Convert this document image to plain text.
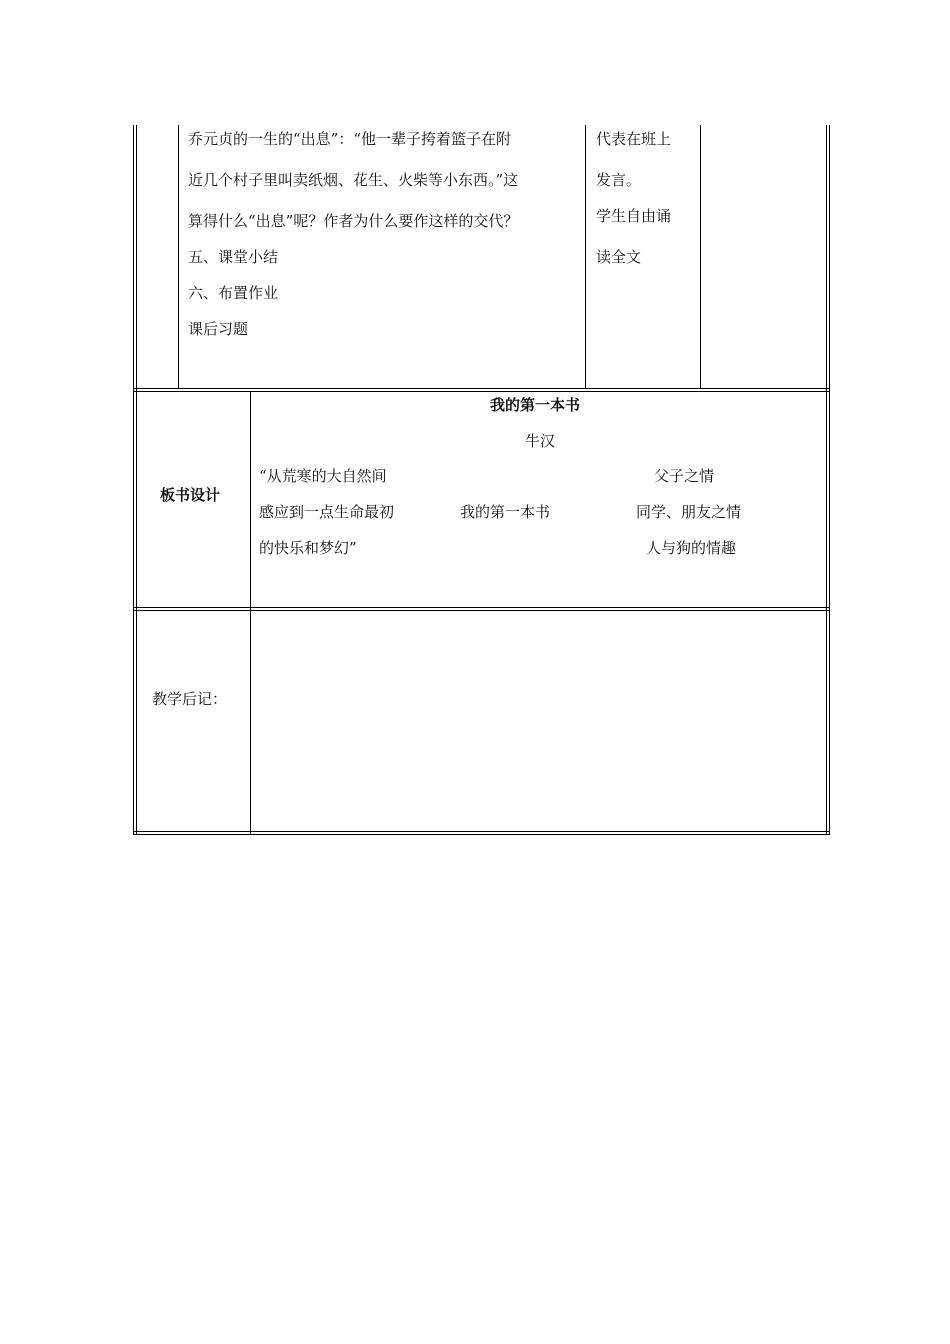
乔元贞的一生的“出息”：“他一辈子挎着篮子在附
近几个村子里叫卖纸烟、花生、火柴等小东西。”这
算得什么“出息”呢？作者为什么要作这样的交代？
五、课堂小结
六、布置作业
课后习题
代表在班上
发言。
学生自由诵
读全文
板书设计
我的第一本书
牛汉
“从荒寒的大自然间
感应到一点生命最初
的快乐和梦幻”
我的第一本书
父子之情
同学、朋友之情
人与狗的情趣
教学后记：
